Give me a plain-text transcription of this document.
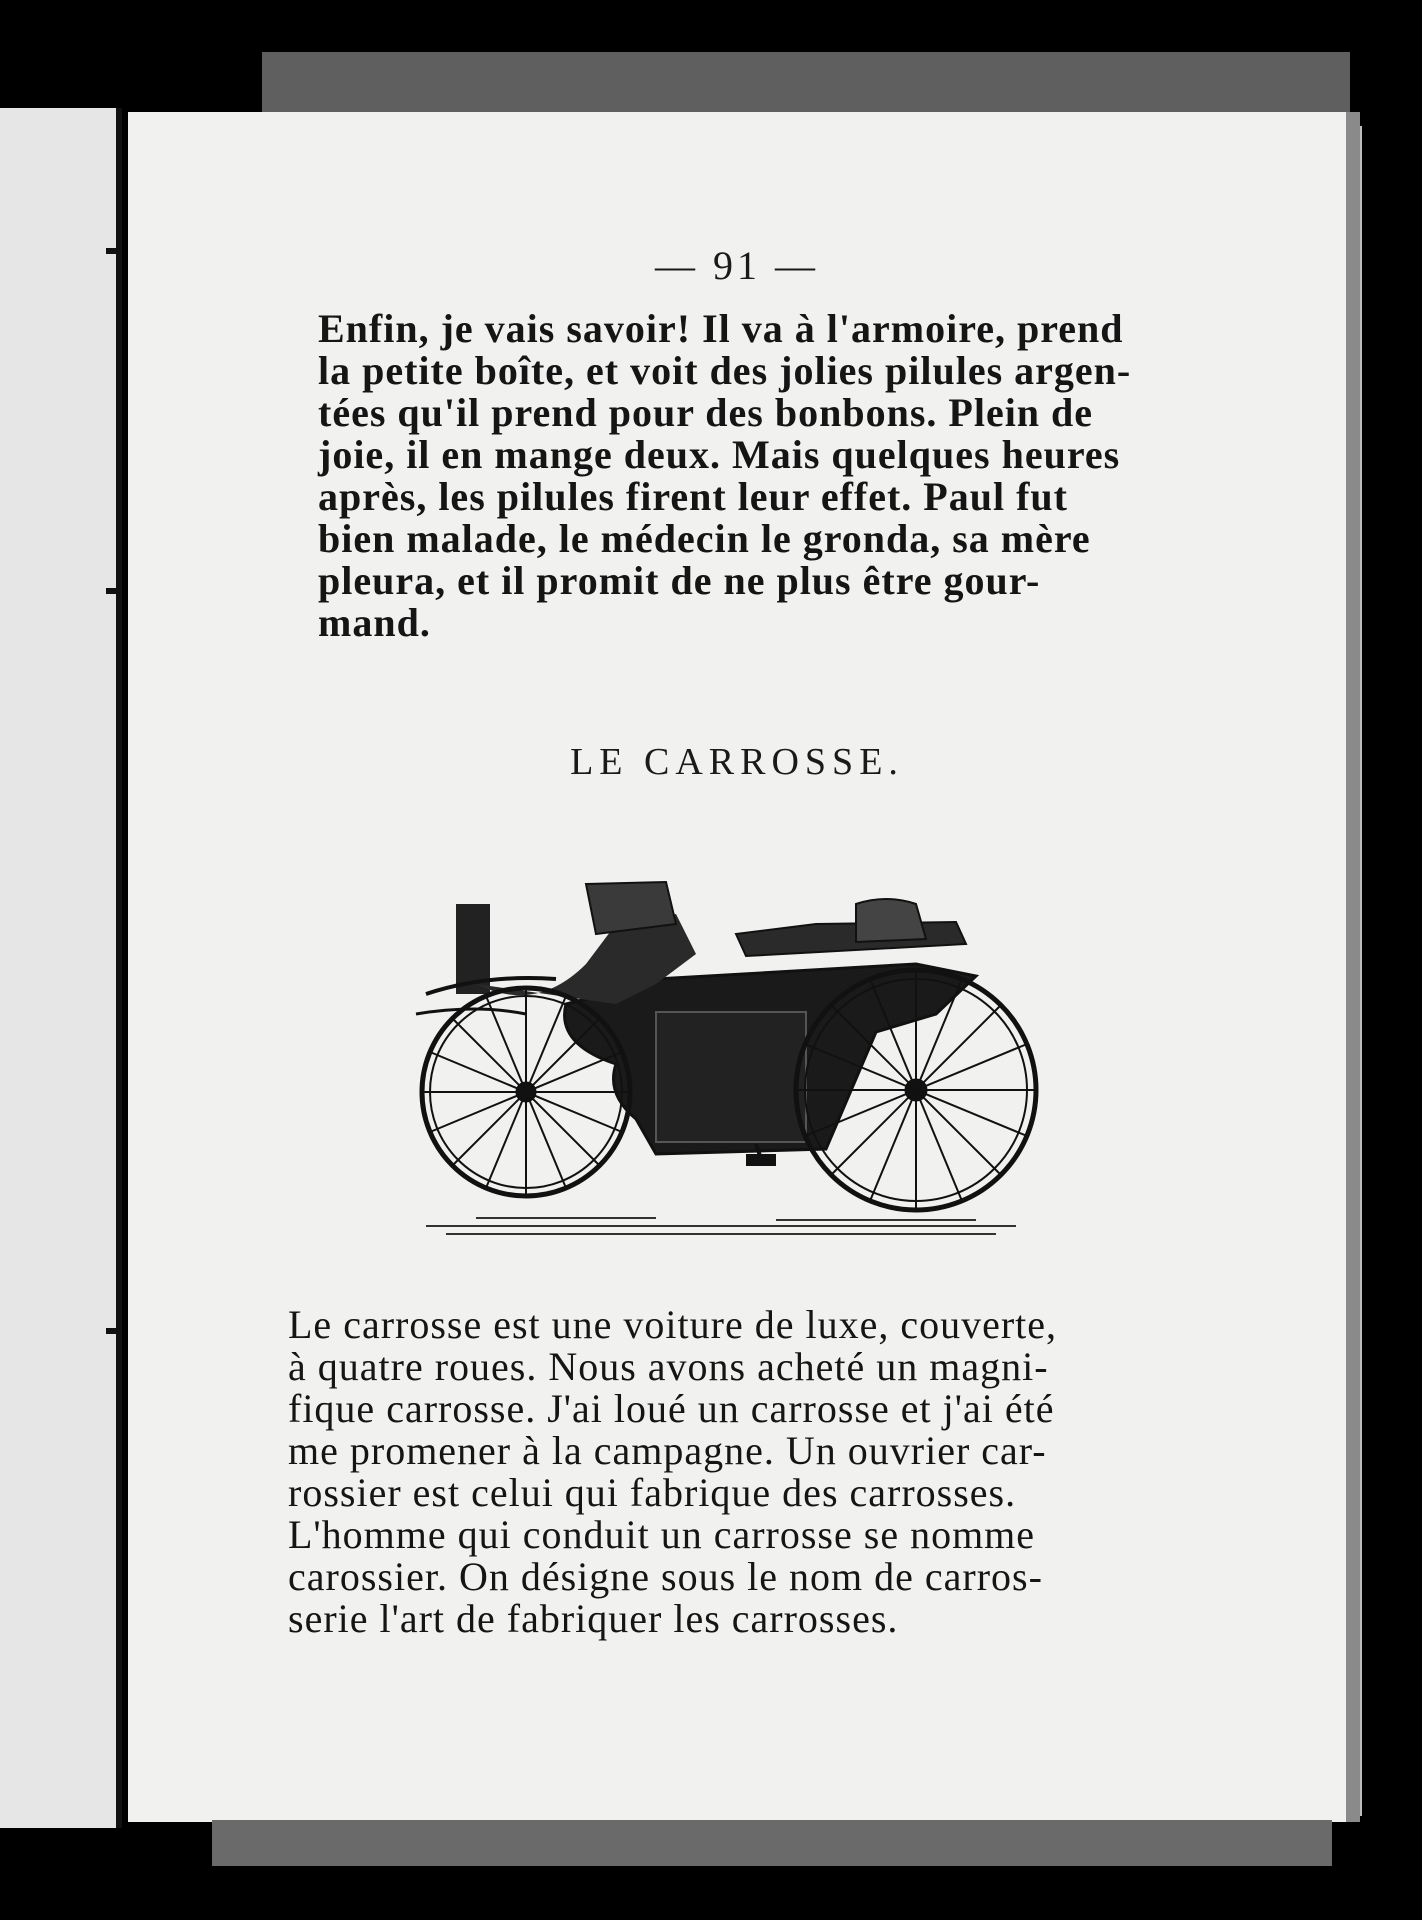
— 91 —
Enfin, je vais savoir! Il va à l'armoire, prend
la petite boîte, et voit des jolies pilules argen-
tées qu'il prend pour des bonbons. Plein de
joie, il en mange deux. Mais quelques heures
après, les pilules firent leur effet. Paul fut
bien malade, le médecin le gronda, sa mère
pleura, et il promit de ne plus être gour-
mand.
LE CARROSSE.
Le carrosse est une voiture de luxe, couverte,
à quatre roues. Nous avons acheté un magni-
fique carrosse. J'ai loué un carrosse et j'ai été
me promener à la campagne. Un ouvrier car-
rossier est celui qui fabrique des carrosses.
L'homme qui conduit un carrosse se nomme
carossier. On désigne sous le nom de carros-
serie l'art de fabriquer les carrosses.
